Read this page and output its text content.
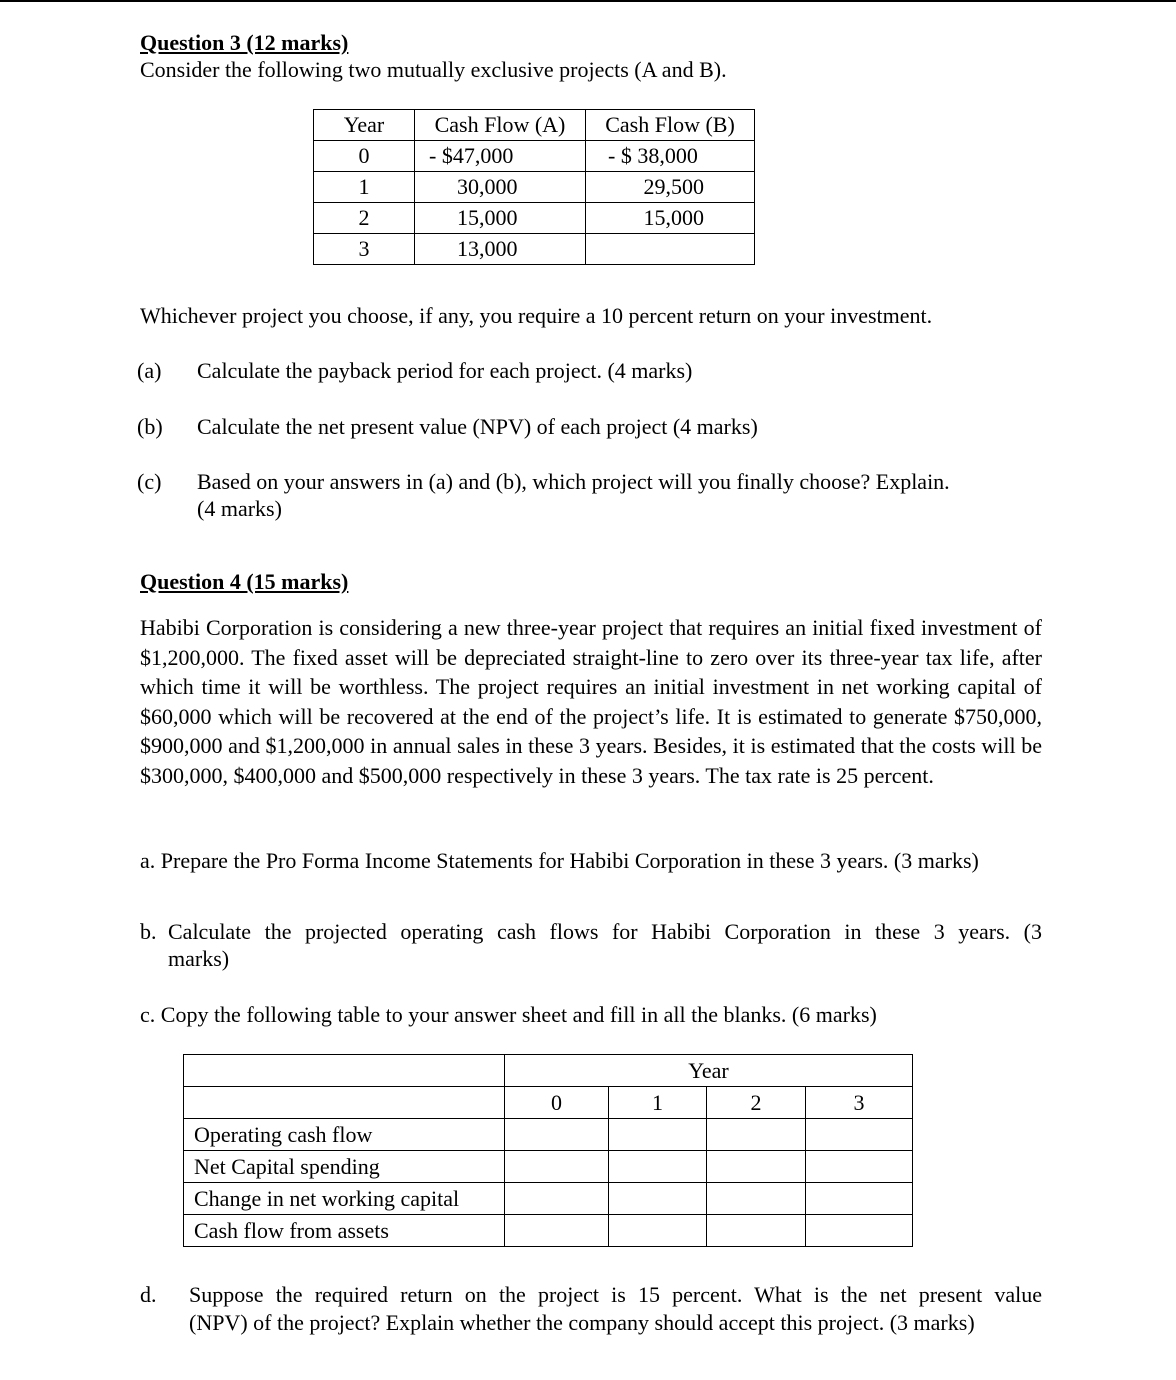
Question 3 (12 marks)

Consider the following two mutually exclusive projects (A and B).
Year	Cash Flow (A)	Cash Flow (B)
0	- $47,000	- $ 38,000
1	30,000	29,500
2	15,000	15,000
3	13,000	
Whichever project you choose, if any, you require a 10 percent return on your investment.
(a)	Calculate the payback period for each project. (4 marks)
(b)	Calculate the net present value (NPV) of each project (4 marks)
(c)	Based on your answers in (a) and (b), which project will you finally choose? Explain.
(4 marks)

Question 4 (15 marks)

Habibi Corporation is considering a new three-year project that requires an initial fixed investment of $1,200,000. The fixed asset will be depreciated straight-line to zero over its three-year tax life, after which time it will be worthless. The project requires an initial investment in net working capital of $60,000 which will be recovered at the end of the project’s life. It is estimated to generate $750,000, $900,000 and $1,200,000 in annual sales in these 3 years. Besides, it is estimated that the costs will be $300,000, $400,000 and $500,000 respectively in these 3 years. The tax rate is 25 percent.
a. Prepare the Pro Forma Income Statements for Habibi Corporation in these 3 years. (3 marks)
b. Calculate the projected operating cash flows for Habibi Corporation in these 3 years. (3
marks)
c. Copy the following table to your answer sheet and fill in all the blanks. (6 marks)
	Year			
	0	1	2	3
Operating cash flow				
Net Capital spending				
Change in net working capital				
Cash flow from assets				
d. Suppose the required return on the project is 15 percent. What is the net present value
(NPV) of the project? Explain whether the company should accept this project. (3 marks)
